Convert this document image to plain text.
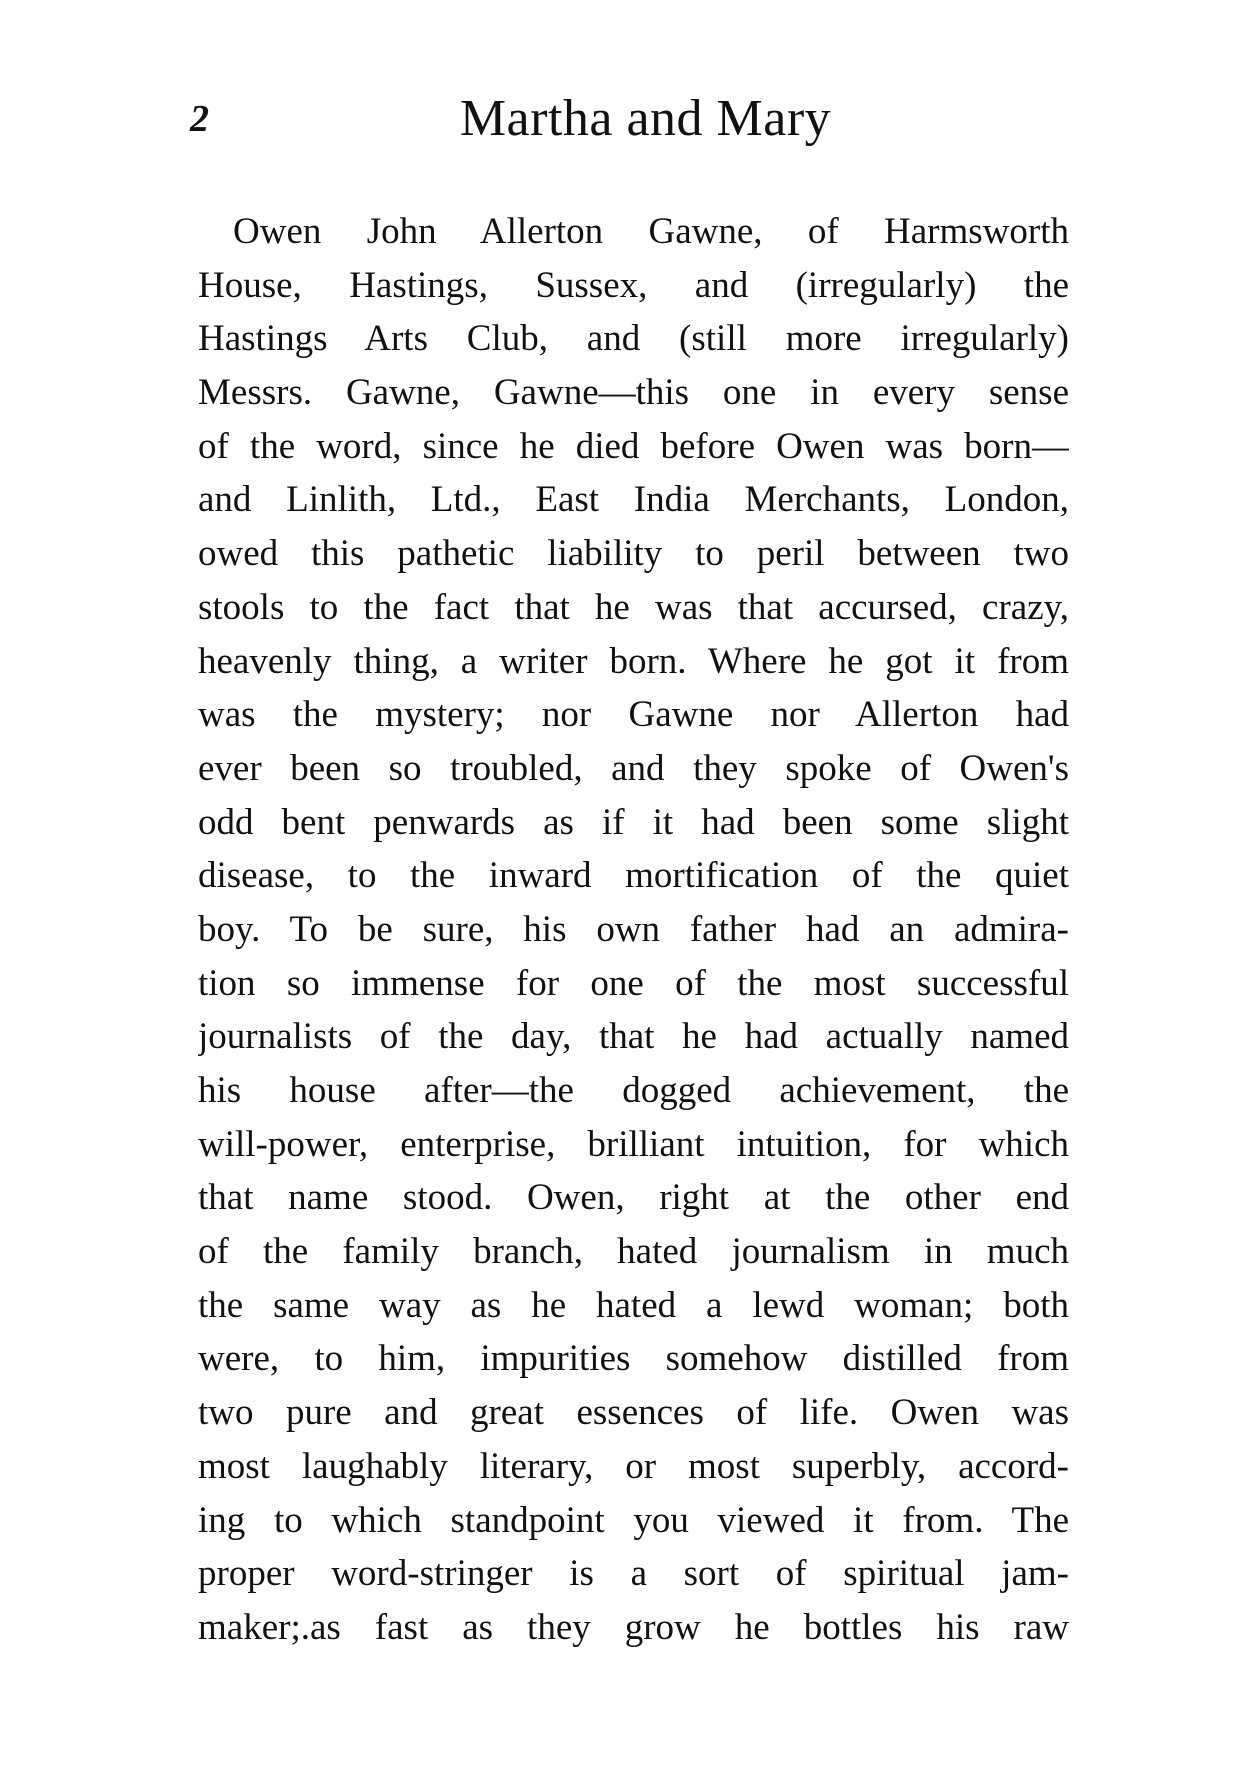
2	Martha and Mary
Owen John Allerton Gawne, of Harmsworth
House, Hastings, Sussex, and (irregularly) the
Hastings Arts Club, and (still more irregularly)
Messrs. Gawne, Gawne—this one in every sense
of the word, since he died before Owen was born—
and Linlith, Ltd., East India Merchants, London,
owed this pathetic liability to peril between two
stools to the fact that he was that accursed, crazy,
heavenly thing, a writer born. Where he got it from
was the mystery; nor Gawne nor Allerton had
ever been so troubled, and they spoke of Owen's
odd bent penwards as if it had been some slight
disease, to the inward mortification of the quiet
boy. To be sure, his own father had an admira-
tion so immense for one of the most successful
journalists of the day, that he had actually named
his house after—the dogged achievement, the
will-power, enterprise, brilliant intuition, for which
that name stood. Owen, right at the other end
of the family branch, hated journalism in much
the same way as he hated a lewd woman; both
were, to him, impurities somehow distilled from
two pure and great essences of life. Owen was
most laughably literary, or most superbly, accord-
ing to which standpoint you viewed it from. The
proper word-stringer is a sort of spiritual jam-
maker;.as fast as they grow he bottles his raw
